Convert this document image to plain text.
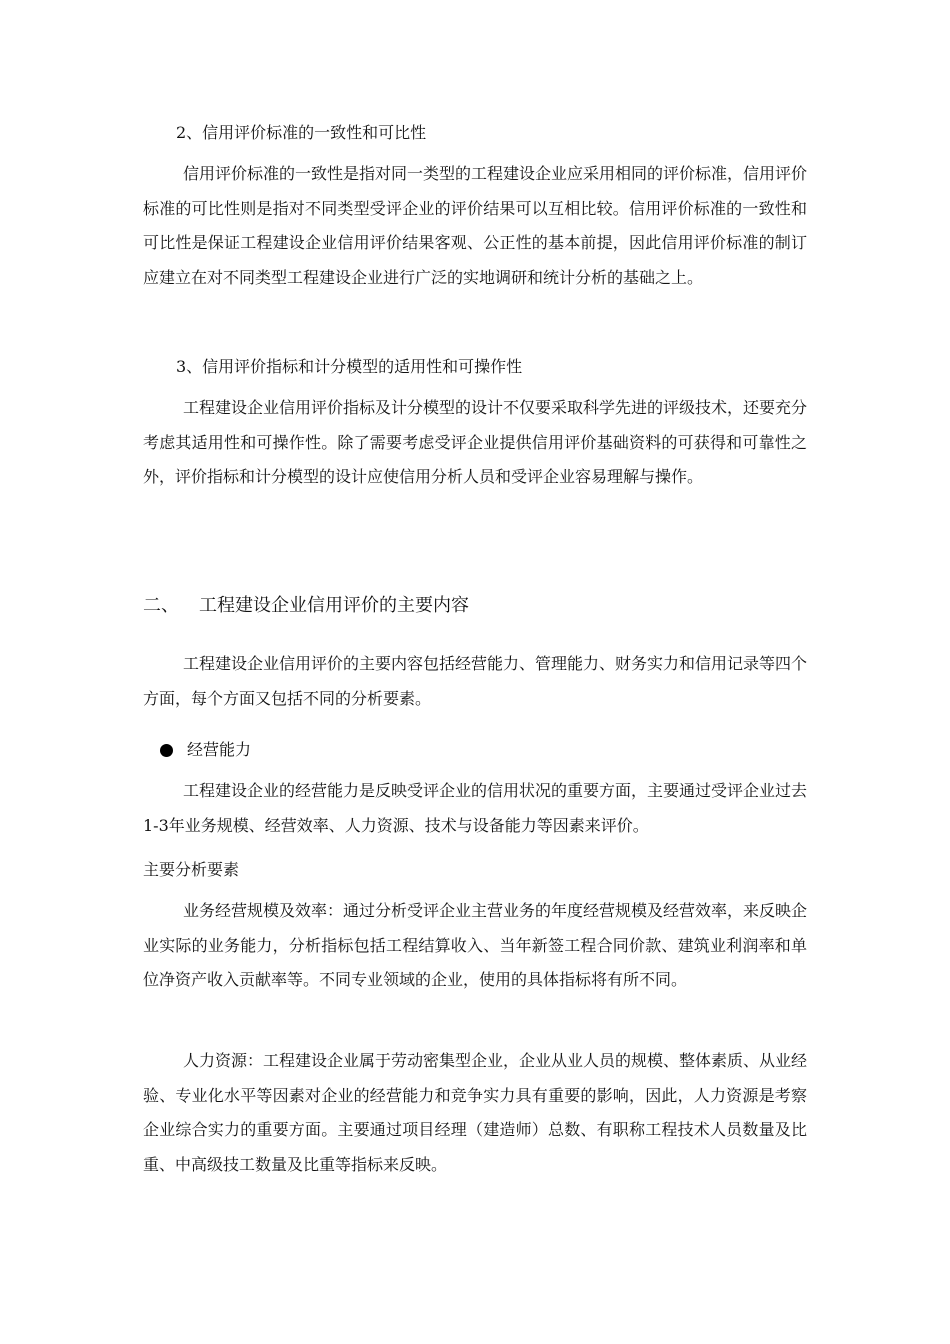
2、信用评价标准的一致性和可比性

信用评价标准的一致性是指对同一类型的工程建设企业应采用相同的评价标准，信用评价标准的可比性则是指对不同类型受评企业的评价结果可以互相比较。信用评价标准的一致性和可比性是保证工程建设企业信用评价结果客观、公正性的基本前提，因此信用评价标准的制订应建立在对不同类型工程建设企业进行广泛的实地调研和统计分析的基础之上。

3、信用评价指标和计分模型的适用性和可操作性

工程建设企业信用评价指标及计分模型的设计不仅要采取科学先进的评级技术，还要充分考虑其适用性和可操作性。除了需要考虑受评企业提供信用评价基础资料的可获得和可靠性之外，评价指标和计分模型的设计应使信用分析人员和受评企业容易理解与操作。

二、 工程建设企业信用评价的主要内容

工程建设企业信用评价的主要内容包括经营能力、管理能力、财务实力和信用记录等四个方面，每个方面又包括不同的分析要素。

经营能力

工程建设企业的经营能力是反映受评企业的信用状况的重要方面，主要通过受评企业过去1-3年业务规模、经营效率、人力资源、技术与设备能力等因素来评价。

主要分析要素

业务经营规模及效率：通过分析受评企业主营业务的年度经营规模及经营效率，来反映企业实际的业务能力，分析指标包括工程结算收入、当年新签工程合同价款、建筑业利润率和单位净资产收入贡献率等。不同专业领域的企业，使用的具体指标将有所不同。

人力资源：工程建设企业属于劳动密集型企业，企业从业人员的规模、整体素质、从业经验、专业化水平等因素对企业的经营能力和竞争实力具有重要的影响，因此，人力资源是考察企业综合实力的重要方面。主要通过项目经理（建造师）总数、有职称工程技术人员数量及比重、中高级技工数量及比重等指标来反映。
